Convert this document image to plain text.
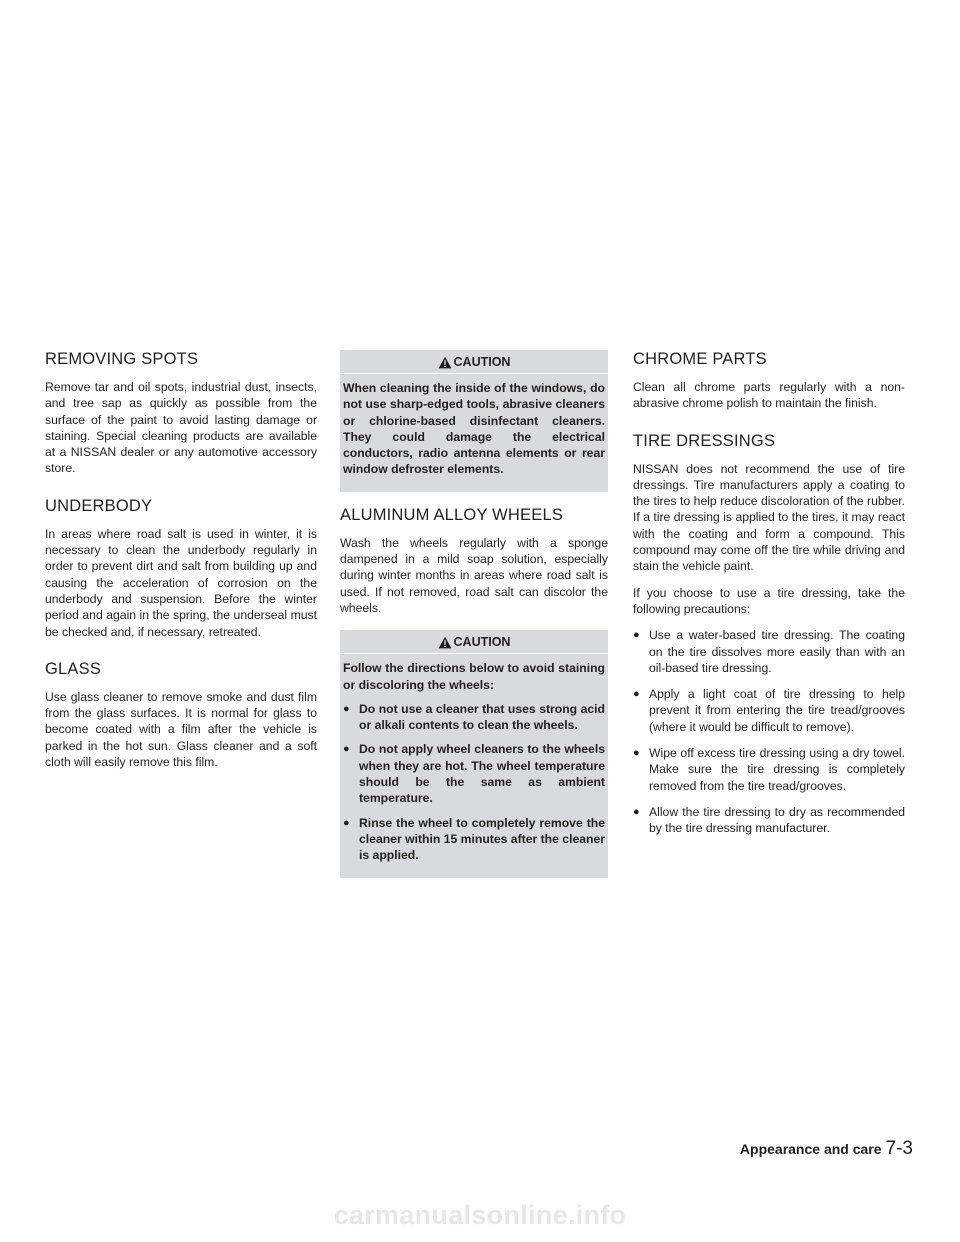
REMOVING SPOTS

Remove tar and oil spots, industrial dust, insects, and tree sap as quickly as possible from the surface of the paint to avoid lasting damage or staining. Special cleaning products are available at a NISSAN dealer or any automotive accessory store.

UNDERBODY

In areas where road salt is used in winter, it is necessary to clean the underbody regularly in order to prevent dirt and salt from building up and causing the acceleration of corrosion on the underbody and suspension. Before the winter period and again in the spring, the underseal must be checked and, if necessary, retreated.

GLASS

Use glass cleaner to remove smoke and dust film from the glass surfaces. It is normal for glass to become coated with a film after the vehicle is parked in the hot sun. Glass cleaner and a soft cloth will easily remove this film.

CAUTION

When cleaning the inside of the windows, do not use sharp-edged tools, abrasive cleaners or chlorine-based disinfectant cleaners. They could damage the electrical conductors, radio antenna elements or rear window defroster elements.

ALUMINUM ALLOY WHEELS

Wash the wheels regularly with a sponge dampened in a mild soap solution, especially during winter months in areas where road salt is used. If not removed, road salt can discolor the wheels.

CAUTION

Follow the directions below to avoid staining or discoloring the wheels:

● Do not use a cleaner that uses strong acid or alkali contents to clean the wheels.
● Do not apply wheel cleaners to the wheels when they are hot. The wheel temperature should be the same as ambient temperature.
● Rinse the wheel to completely remove the cleaner within 15 minutes after the cleaner is applied.
CHROME PARTS

Clean all chrome parts regularly with a non-abrasive chrome polish to maintain the finish.

TIRE DRESSINGS

NISSAN does not recommend the use of tire dressings. Tire manufacturers apply a coating to the tires to help reduce discoloration of the rubber. If a tire dressing is applied to the tires, it may react with the coating and form a compound. This compound may come off the tire while driving and stain the vehicle paint.

If you choose to use a tire dressing, take the following precautions:

● Use a water-based tire dressing. The coating on the tire dissolves more easily than with an oil-based tire dressing.
● Apply a light coat of tire dressing to help prevent it from entering the tire tread/grooves (where it would be difficult to remove).
● Wipe off excess tire dressing using a dry towel. Make sure the tire dressing is completely removed from the tire tread/grooves.
● Allow the tire dressing to dry as recommended by the tire dressing manufacturer.
Appearance and care 7-3
carmanualsonline.info
